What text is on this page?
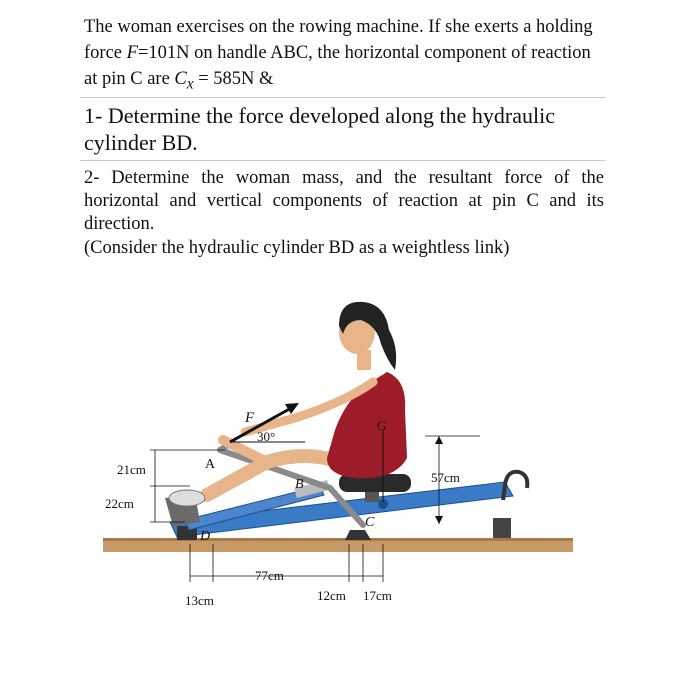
The woman exercises on the rowing machine. If she exerts a holding force F=101N on handle ABC, the horizontal component of reaction at pin C are $C_x = 585N$ &

1- Determine the force developed along the hydraulic cylinder BD.

2- Determine the woman mass, and the resultant force of the horizontal and vertical components of reaction at pin C and its direction.

(Consider the hydraulic cylinder BD as a weightless link)

F
30°
G
A
B
C
D
21cm
22cm
57cm
77cm
13cm	12cm 17cm
